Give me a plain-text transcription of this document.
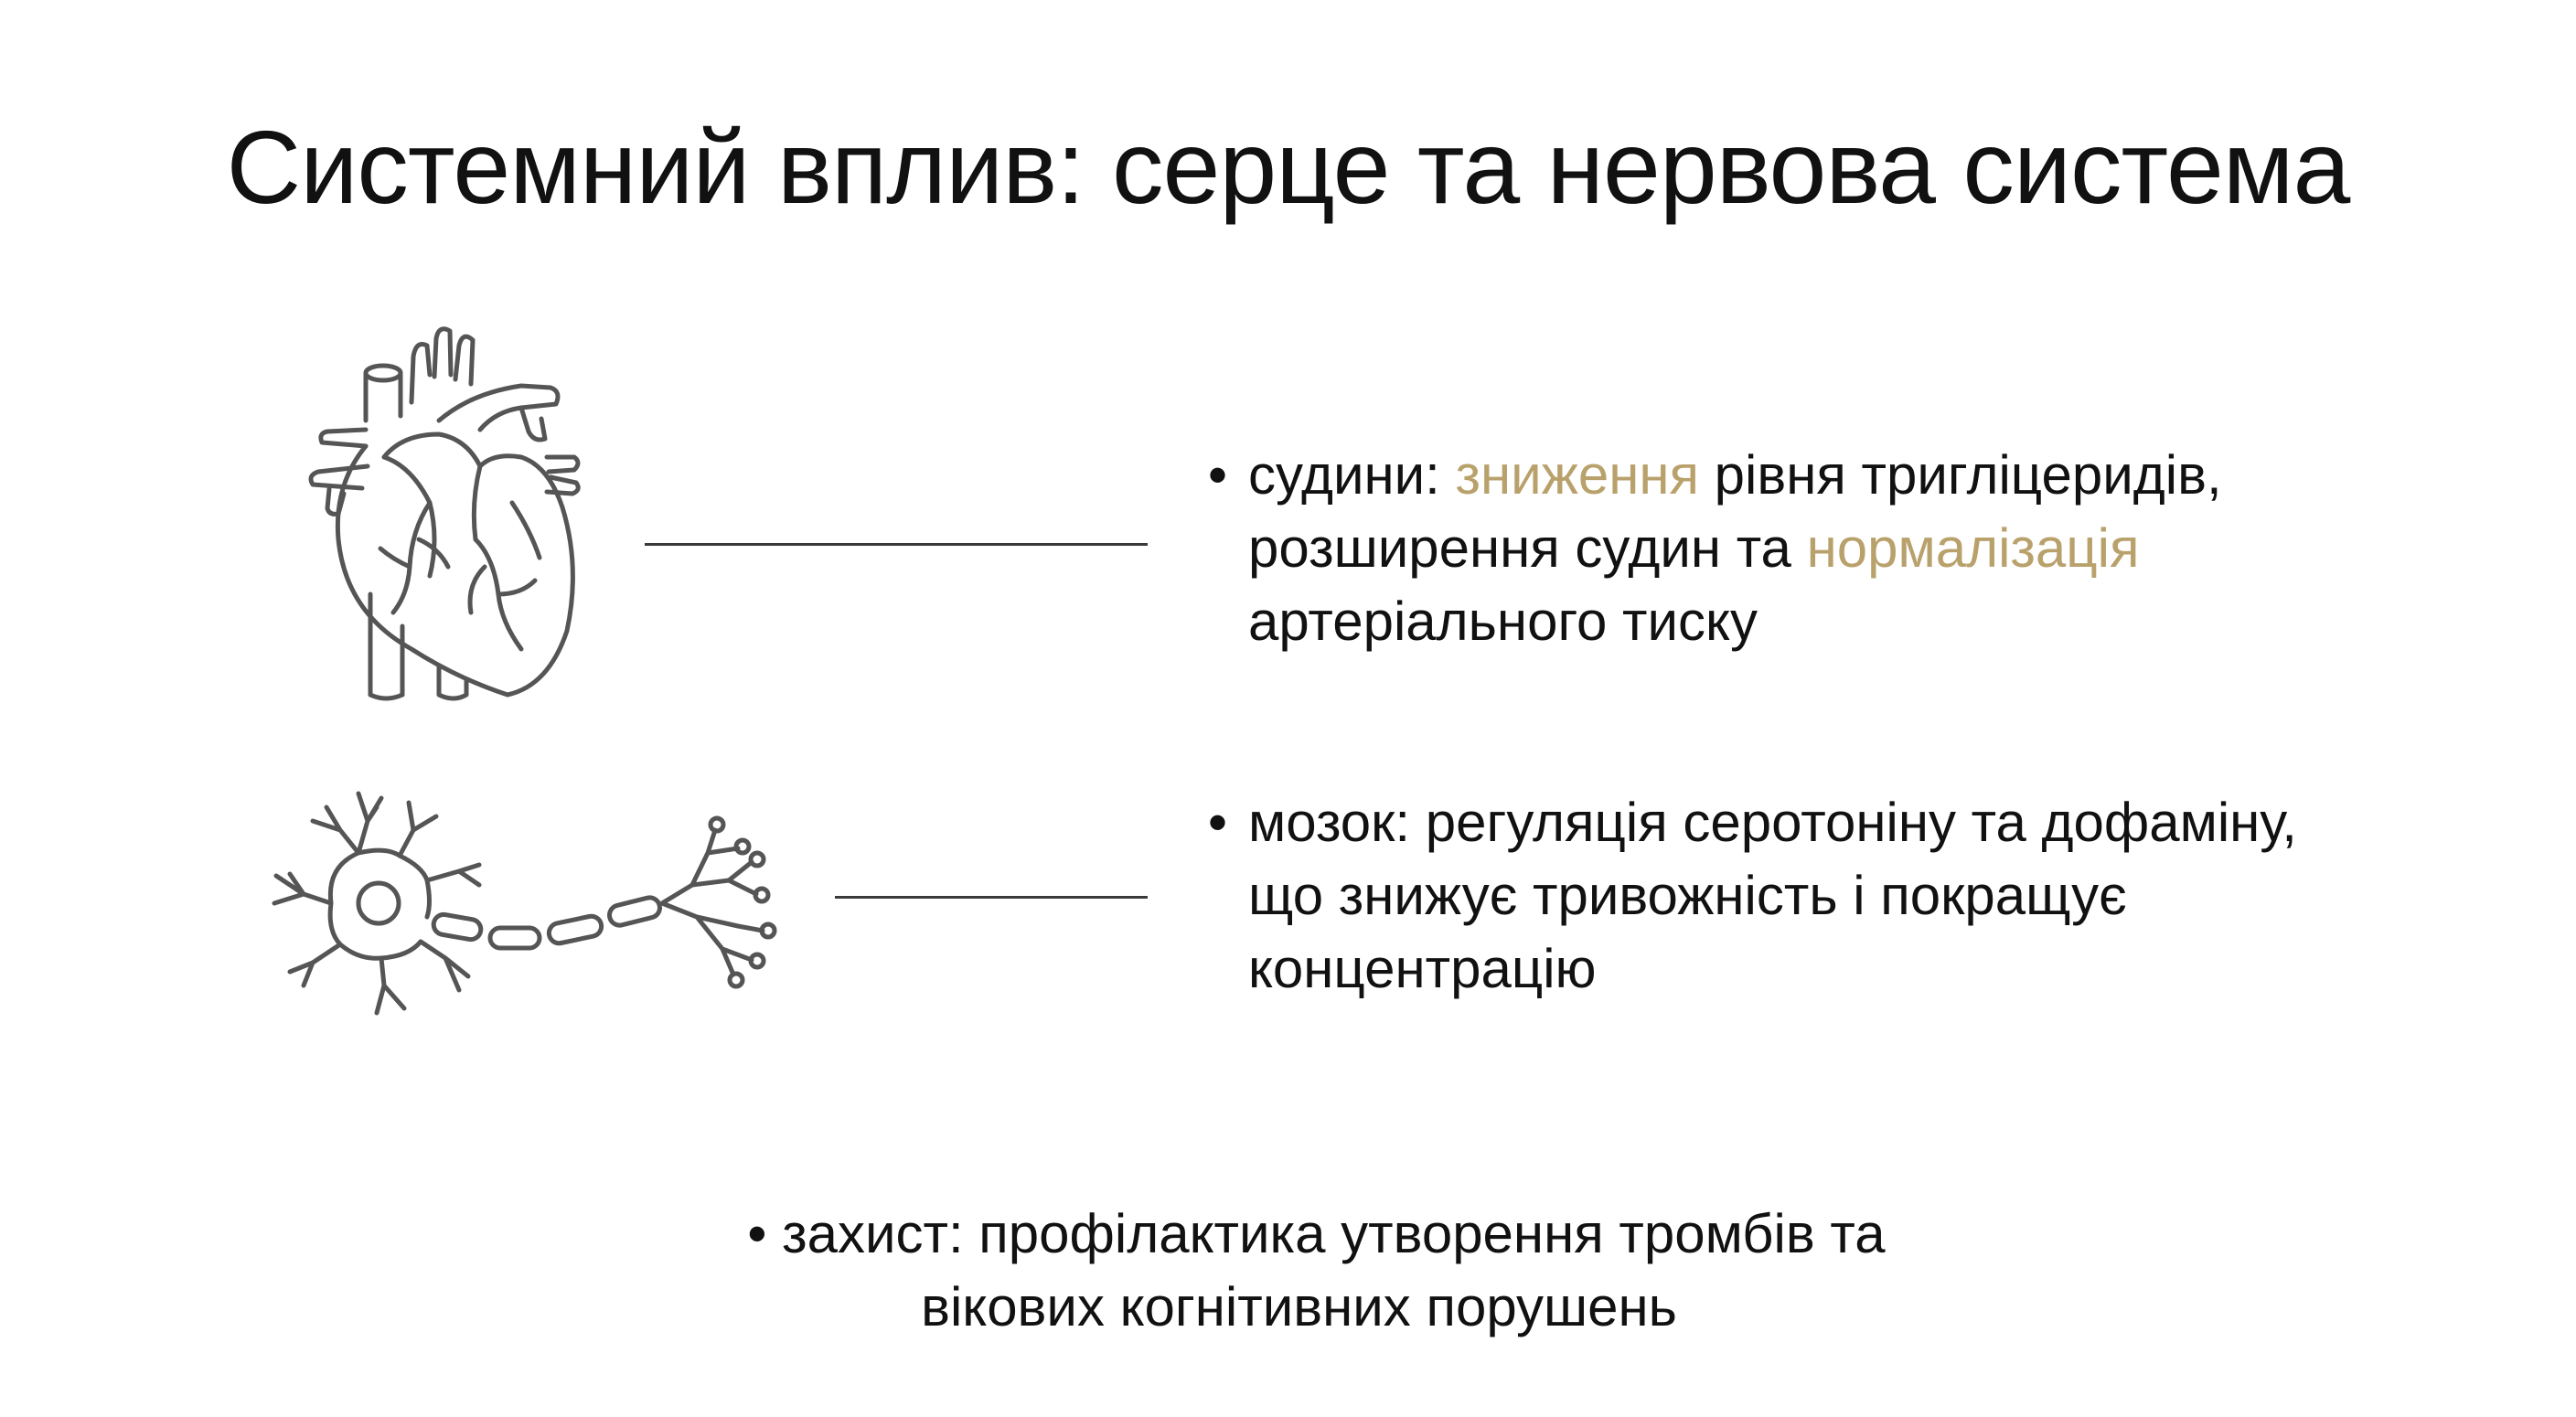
Системний вплив: серце та нервова система
• судини: зниження рівня тригліцеридів,
розширення судин та нормалізація
артеріального тиску
• мозок: регуляція серотоніну та дофаміну,
що знижує тривожність і покращує
концентрацію
• захист: профілактика утворення тромбів та
вікових когнітивних порушень
